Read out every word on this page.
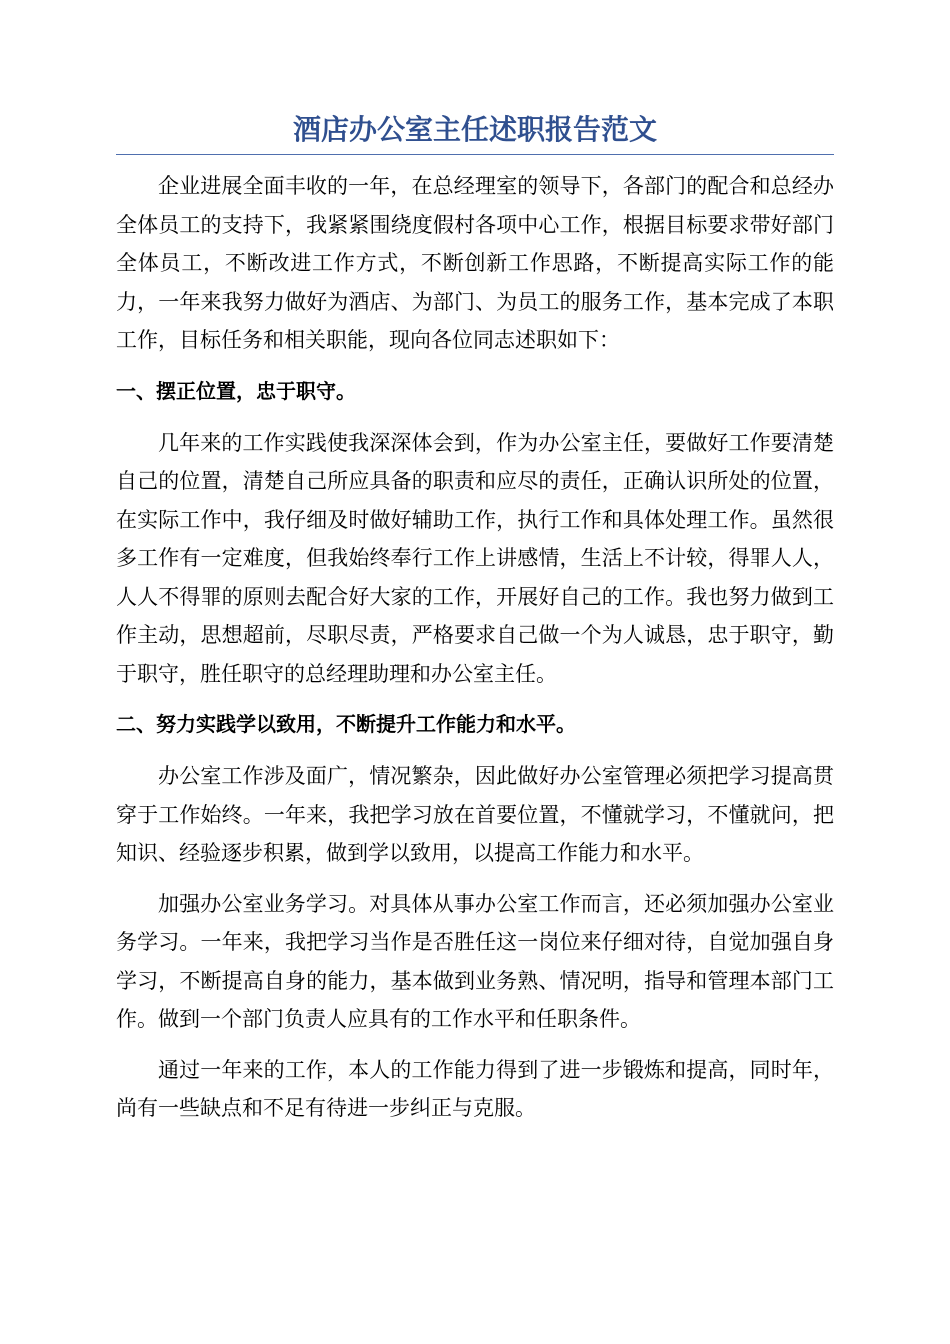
酒店办公室主任述职报告范文

企业进展全面丰收的一年，在总经理室的领导下，各部门的配合和总经办全体员工的支持下，我紧紧围绕度假村各项中心工作，根据目标要求带好部门全体员工，不断改进工作方式，不断创新工作思路，不断提高实际工作的能力，一年来我努力做好为酒店、为部门、为员工的服务工作，基本完成了本职工作，目标任务和相关职能，现向各位同志述职如下：

一、摆正位置，忠于职守。

几年来的工作实践使我深深体会到，作为办公室主任，要做好工作要清楚自己的位置，清楚自己所应具备的职责和应尽的责任，正确认识所处的位置，在实际工作中，我仔细及时做好辅助工作，执行工作和具体处理工作。虽然很多工作有一定难度，但我始终奉行工作上讲感情，生活上不计较，得罪人人，人人不得罪的原则去配合好大家的工作，开展好自己的工作。我也努力做到工作主动，思想超前，尽职尽责，严格要求自己做一个为人诚恳，忠于职守，勤于职守，胜任职守的总经理助理和办公室主任。

二、努力实践学以致用，不断提升工作能力和水平。

办公室工作涉及面广，情况繁杂，因此做好办公室管理必须把学习提高贯穿于工作始终。一年来，我把学习放在首要位置，不懂就学习，不懂就问，把知识、经验逐步积累，做到学以致用，以提高工作能力和水平。

加强办公室业务学习。对具体从事办公室工作而言，还必须加强办公室业务学习。一年来，我把学习当作是否胜任这一岗位来仔细对待，自觉加强自身学习，不断提高自身的能力，基本做到业务熟、情况明，指导和管理本部门工作。做到一个部门负责人应具有的工作水平和任职条件。

通过一年来的工作，本人的工作能力得到了进一步锻炼和提高，同时年，尚有一些缺点和不足有待进一步纠正与克服。
